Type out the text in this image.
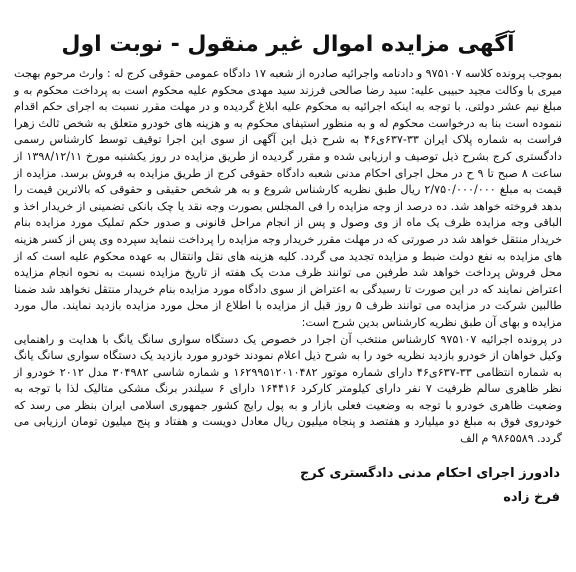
آگهی مزایده اموال غیر منقول - نوبت اول

بموجب پرونده کلاسه ۹۷۵۱۰۷ و دادنامه واجرائیه صادره از شعبه ۱۷ دادگاه عمومی حقوقی کرج له : وارث مرحوم بهجت میری با وکالت مجید حبیبی علیه: سید رضا صالحی فرزند سید مهدی محکوم علیه محکوم است به پرداخت محکوم به و مبلغ نیم عشر دولتی. با توجه به اینکه اجرائیه به محکوم علیه ابلاغ گردیده و در مهلت مقرر نسبت به اجرای حکم اقدام ننموده است بنا به درخواست محکوم له و به منظور استیفای محکوم به و هزینه های خودرو متعلق به شخص ثالث زهرا فراست به شماره پلاک ایران ۳۳-۶۳۷ی۴۶ به شرح ذیل این آگهی از سوی این اجرا توقیف توسط کارشناس رسمی دادگستری کرج بشرح ذیل توصیف و ارزیابی شده و مقرر گردیده از طریق مزایده در روز یکشنبه مورخ ۱۳۹۸/۱۲/۱۱ از ساعت ۸ صبح تا ۹ ح در محل اجرای احکام مدنی شعبه دادگاه حقوقی کرج از طریق مزایده به فروش برسد. مزایده از قیمت به مبلغ ۲/۷۵۰/۰۰۰/۰۰۰ ریال طبق نظریه کارشناس شروع و به هر شخص حقیقی و حقوقی که بالاترین قیمت را بدهد فروخته خواهد شد. ده درصد از وجه مزایده را فی المجلس بصورت وجه نقد یا چک بانکی تضمینی از خریدار اخذ و الباقی وجه مزایده ظرف یک ماه از وی وصول و پس از انجام مراحل قانونی و صدور حکم تملیک مورد مزایده بنام خریدار منتقل خواهد شد در صورتی که در مهلت مقرر خریدار وجه مزایده را پرداخت ننماید سپرده وی پس از کسر هزینه های مزایده به نفع دولت ضبط و مزایده تجدید می گردد. کلیه هزینه های نقل وانتقال به عهده محکوم علیه است که از محل فروش پرداخت خواهد شد طرفین می توانند ظرف مدت یک هفته از تاریخ مزایده نسبت به نحوه انجام مزایده اعتراض نمایند که در این صورت تا رسیدگی به اعتراض از سوی دادگاه مورد مزایده بنام خریدار منتقل نخواهد شد ضمنا طالبین شرکت در مزایده می توانند ظرف ۵ روز قبل از مزایده با اطلاع از محل مورد مزایده بازدید نمایند. مال مورد مزایده و بهای آن طبق نظریه کارشناس بدین شرح است:

در پرونده اجرائیه ۹۷۵۱۰۷ کارشناس منتخب آن اجرا در خصوص یک دستگاه سواری سانگ یانگ با هدایت و راهنمایی وکیل خواهان از خودرو بازدید نظریه خود را به شرح ذیل اعلام نمودند خودرو مورد بازدید یک دستگاه سواری سانگ یانگ به شماره انتظامی ۳۳-۶۳۷ی۴۶ دارای شماره موتور ۱۶۲۹۹۵۱۲۰۱۰۴۸۲ و شماره شاسی ۳۰۴۹۸۲ مدل ۲۰۱۲ خودرو از نظر ظاهری سالم ظرفیت ۷ نفر دارای کیلومتر کارکرد ۱۶۴۴۱۶ دارای ۶ سیلندر برنگ مشکی متالیک لذا با توجه به وضعیت ظاهری خودرو با توجه به وضعیت فعلی بازار و به پول رایج کشور جمهوری اسلامی ایران بنظر می رسد که خودروی فوق به مبلغ دو میلیارد و هفتصد و پنجاه میلیون ریال معادل دویست و هفتاد و پنج میلیون تومان ارزیابی می گردد. ۹۸۶۵۵۸۹ م الف

دادورز اجرای احکام مدنی دادگستری کرج
فرخ زاده
